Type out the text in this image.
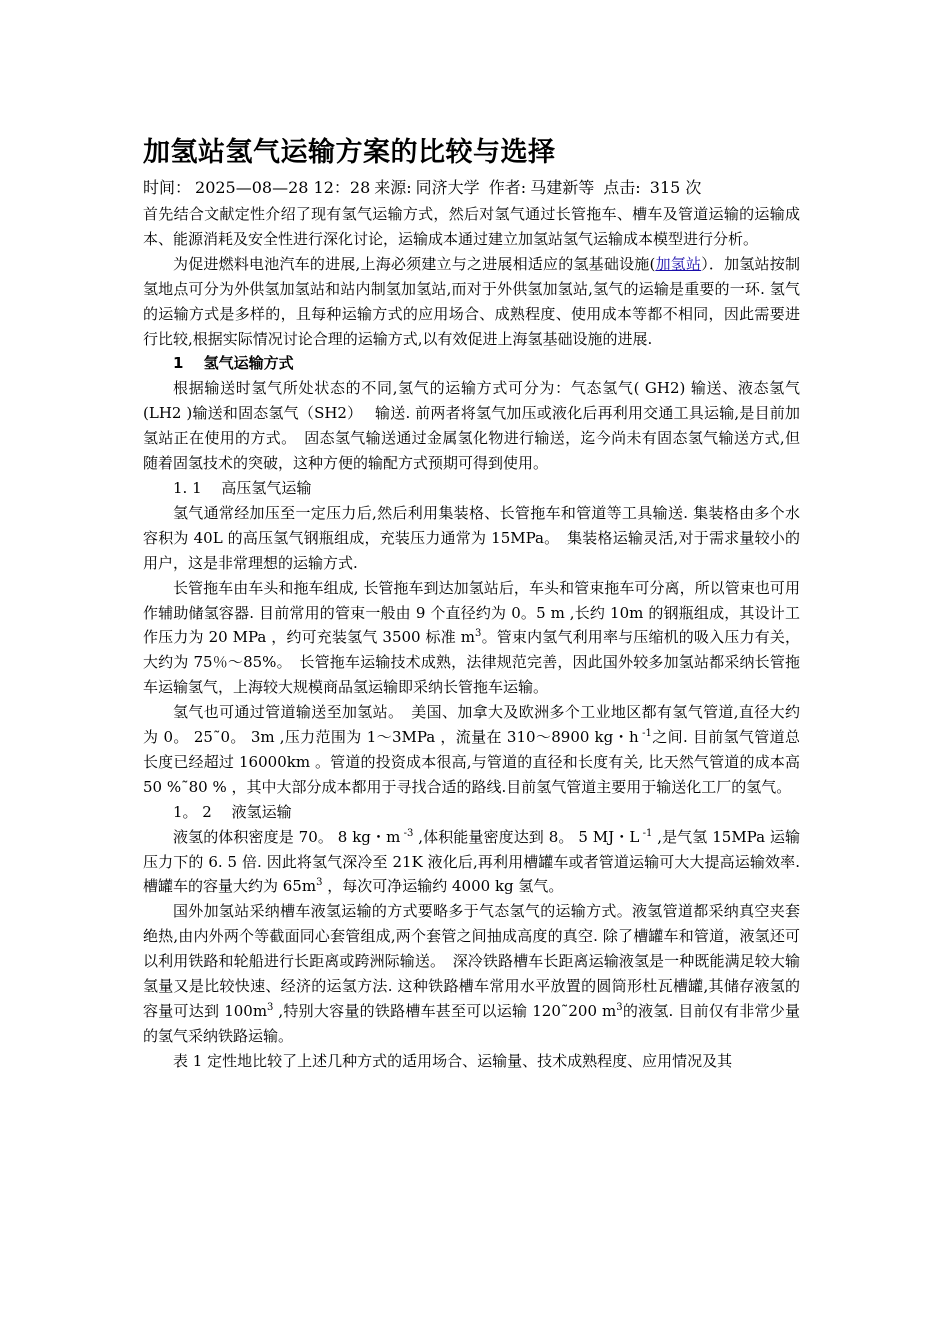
加氢站氢气运输方案的比较与选择
时间： 2025—08—28 12：28 来源: 同济大学 作者: 马建新等 点击: 315 次

首先结合文献定性介绍了现有氢气运输方式，然后对氢气通过长管拖车、槽车及管道运输的运输成本、能源消耗及安全性进行深化讨论，运输成本通过建立加氢站氢气运输成本模型进行分析。

为促进燃料电池汽车的进展,上海必须建立与之进展相适应的氢基础设施(加氢站）．加氢站按制氢地点可分为外供氢加氢站和站内制氢加氢站,而对于外供氢加氢站,氢气的运输是重要的一环. 氢气的运输方式是多样的，且每种运输方式的应用场合、成熟程度、使用成本等都不相同，因此需要进行比较,根据实际情况讨论合理的运输方式,以有效促进上海氢基础设施的进展.

1　 氢气运输方式

根据输送时氢气所处状态的不同,氢气的运输方式可分为：气态氢气( GH2) 输送、液态氢气(LH2 )输送和固态氢气（SH2）　 输送. 前两者将氢气加压或液化后再利用交通工具运输,是目前加氢站正在使用的方式。　固态氢气输送通过金属氢化物进行输送，迄今尚未有固态氢气输送方式,但随着固氢技术的突破，这种方便的输配方式预期可得到使用。

1. 1　 高压氢气运输

氢气通常经加压至一定压力后,然后利用集装格、长管拖车和管道等工具输送. 集装格由多个水容积为 40L 的高压氢气钢瓶组成，充装压力通常为 15MPa。　集装格运输灵活,对于需求量较小的用户，这是非常理想的运输方式.

长管拖车由车头和拖车组成, 长管拖车到达加氢站后，车头和管束拖车可分离，所以管束也可用作辅助储氢容器. 目前常用的管束一般由 9 个直径约为 0。5 m ,长约 10m 的钢瓶组成，其设计工作压力为 20 MPa ，约可充装氢气 3500 标准 $m^3$。管束内氢气利用率与压缩机的吸入压力有关，大约为 75％～85%。　长管拖车运输技术成熟，法律规范完善，因此国外较多加氢站都采纳长管拖车运输氢气，上海较大规模商品氢运输即采纳长管拖车运输。

氢气也可通过管道输送至加氢站。　美国、加拿大及欧洲多个工业地区都有氢气管道,直径大约为 0。 25˜0。 3m ,压力范围为 1～3MPa ，流量在 310～8900 kg・h $^{-1}$之间. 目前氢气管道总长度已经超过 16000km 。管道的投资成本很高,与管道的直径和长度有关, 比天然气管道的成本高 50 %˜80 % ，其中大部分成本都用于寻找合适的路线.目前氢气管道主要用于输送化工厂的氢气。

1。 2　 液氢运输

液氢的体积密度是 70。 8 kg・m $^{-3}$ ,体积能量密度达到 8。 5 MJ・L $^{-1}$ ,是气氢 15MPa 运输压力下的 6. 5 倍. 因此将氢气深冷至 21K 液化后,再利用槽罐车或者管道运输可大大提高运输效率. 槽罐车的容量大约为 $65m^3$ ，每次可净运输约 4000 kg 氢气。

国外加氢站采纳槽车液氢运输的方式要略多于气态氢气的运输方式。液氢管道都采纳真空夹套绝热,由内外两个等截面同心套管组成,两个套管之间抽成高度的真空. 除了槽罐车和管道，液氢还可以利用铁路和轮船进行长距离或跨洲际输送。　深冷铁路槽车长距离运输液氢是一种既能满足较大输氢量又是比较快速、经济的运氢方法. 这种铁路槽车常用水平放置的圆筒形杜瓦槽罐,其储存液氢的容量可达到 $100m^3$ ,特别大容量的铁路槽车甚至可以运输 120˜200 $m^3$的液氢. 目前仅有非常少量的氢气采纳铁路运输。

表 1 定性地比较了上述几种方式的适用场合、运输量、技术成熟程度、应用情况及其
